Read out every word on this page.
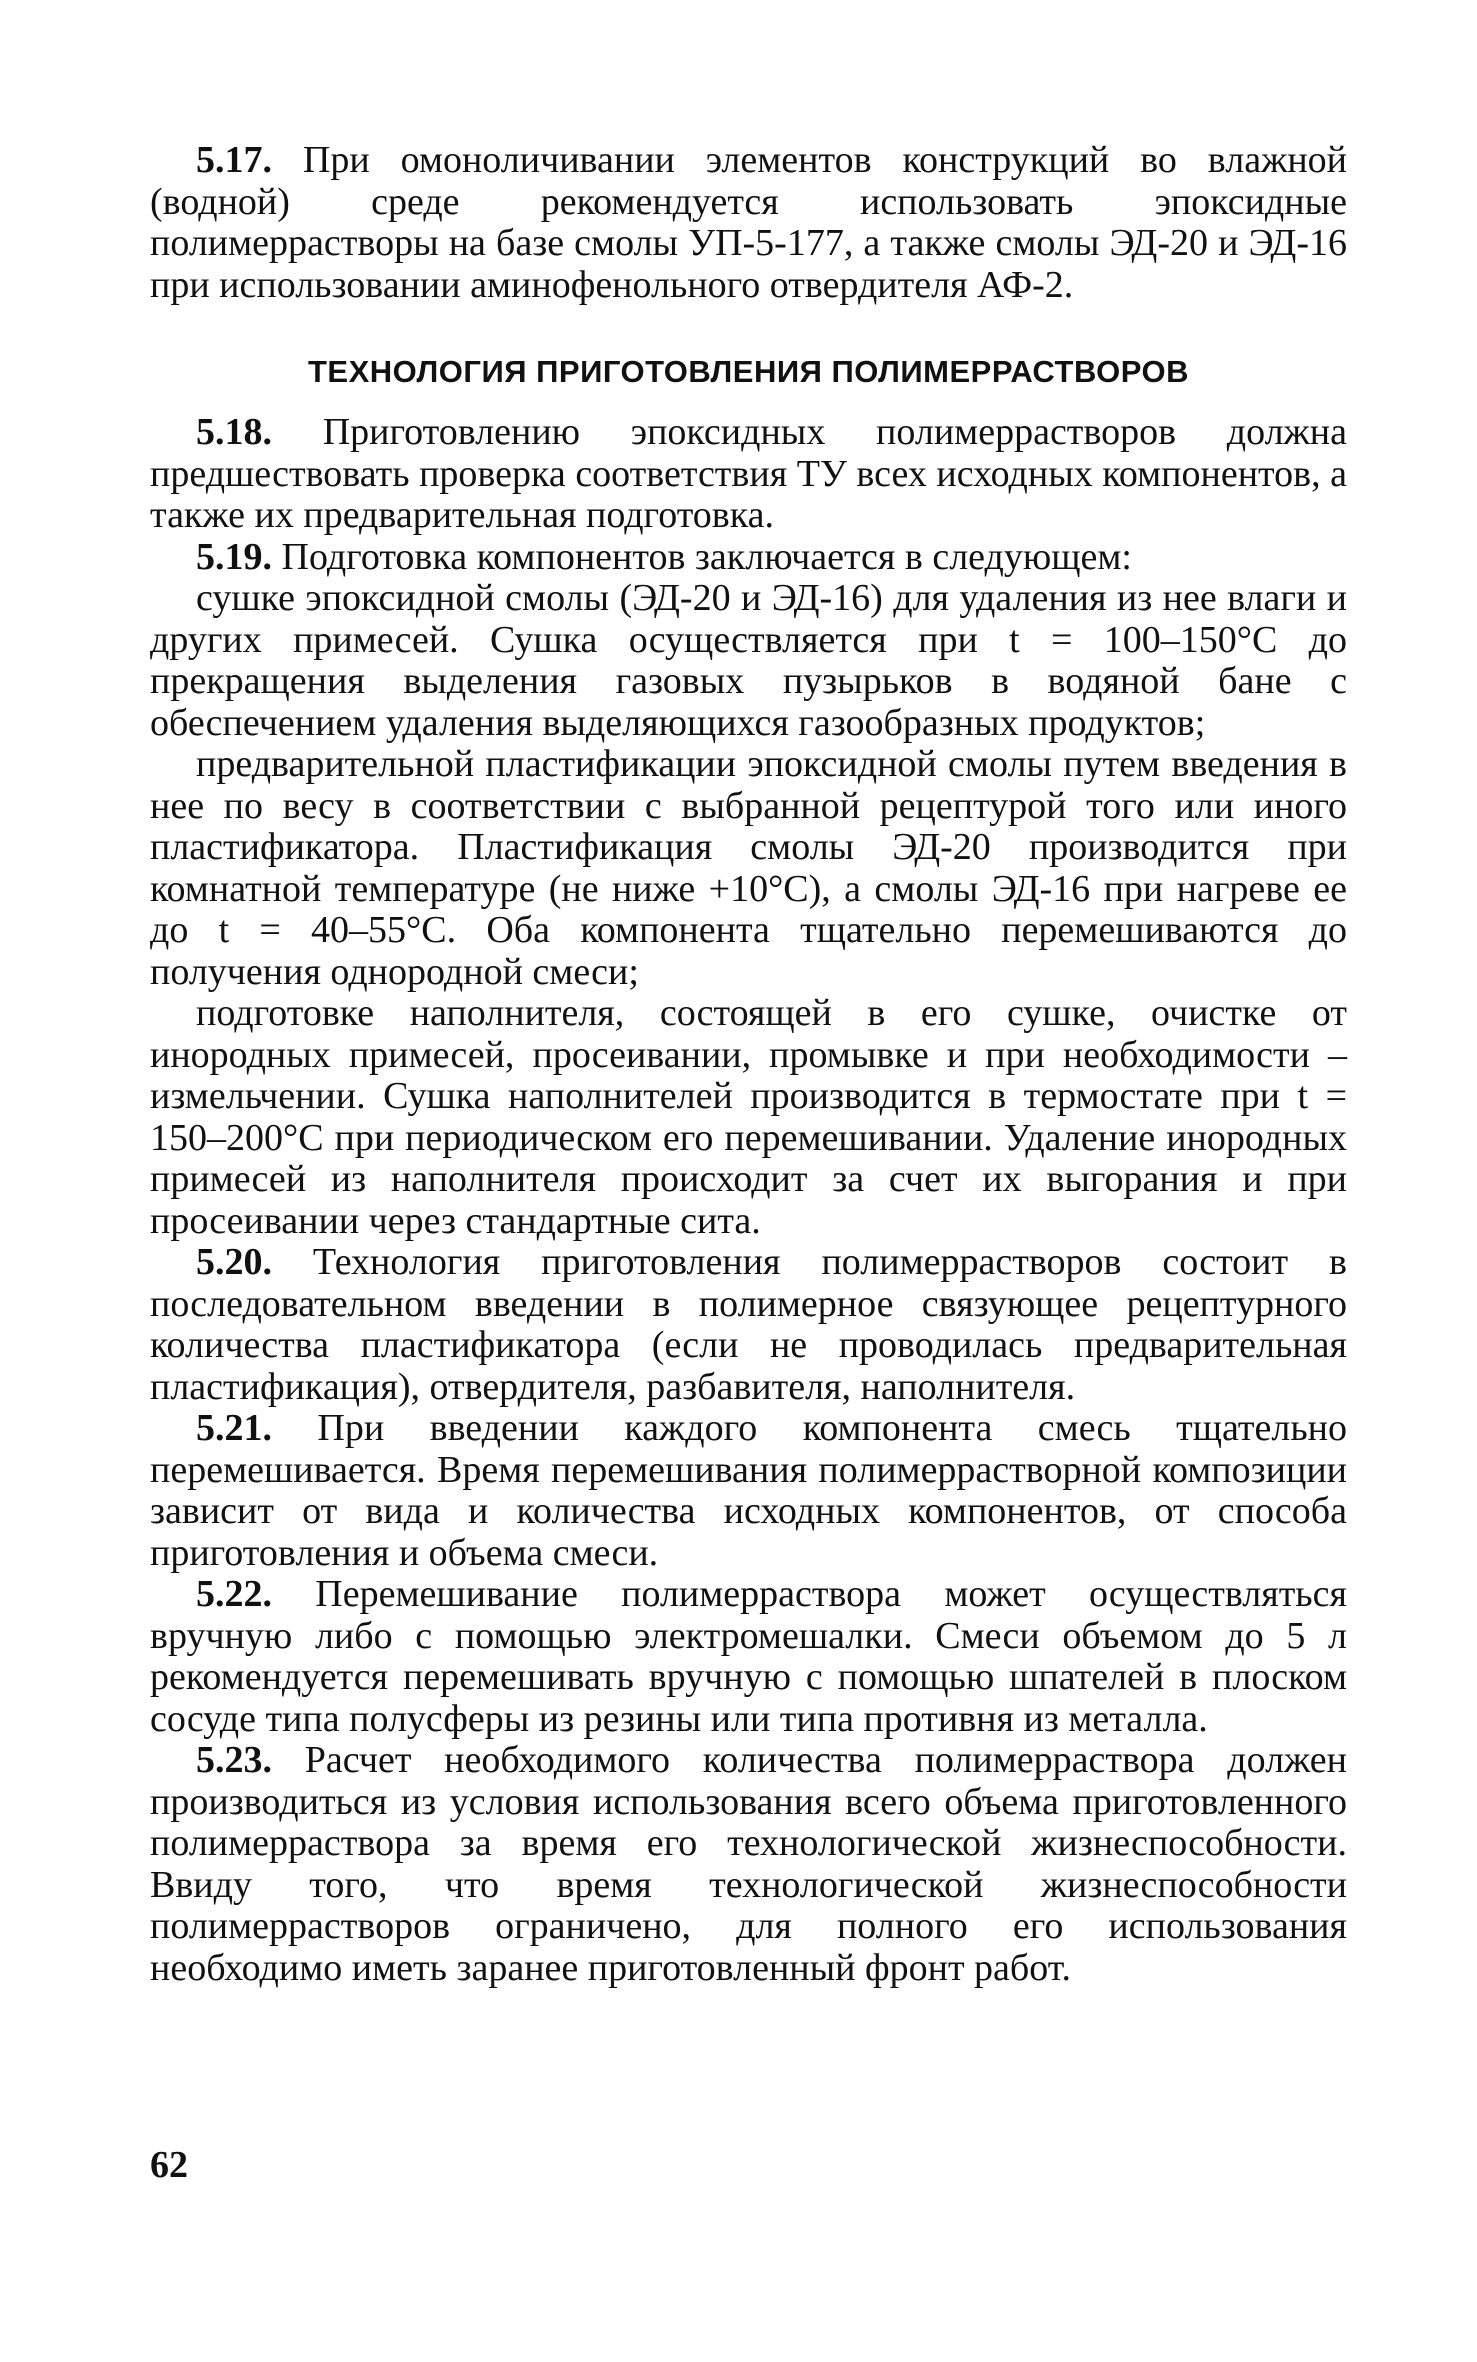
5.17. При омоноличивании элементов конструкций во влажной (водной) среде рекомендуется использовать эпоксидные полимеррастворы на базе смолы УП-5-177, а также смолы ЭД-20 и ЭД-16 при использовании аминофенольного отвердителя АФ-2.

ТЕХНОЛОГИЯ ПРИГОТОВЛЕНИЯ ПОЛИМЕРРАСТВОРОВ

5.18. Приготовлению эпоксидных полимеррастворов должна предшествовать проверка соответствия ТУ всех исходных компонентов, а также их предварительная подготовка.

5.19. Подготовка компонентов заключается в следующем:

сушке эпоксидной смолы (ЭД-20 и ЭД-16) для удаления из нее влаги и других примесей. Сушка осуществляется при t = 100–150°С до прекращения выделения газовых пузырьков в водяной бане с обеспечением удаления выделяющихся газообразных продуктов;

предварительной пластификации эпоксидной смолы путем введения в нее по весу в соответствии с выбранной рецептурой того или иного пластификатора. Пластификация смолы ЭД-20 производится при комнатной температуре (не ниже +10°С), а смолы ЭД-16 при нагреве ее до t = 40–55°С. Оба компонента тщательно перемешиваются до получения однородной смеси;

подготовке наполнителя, состоящей в его сушке, очистке от инородных примесей, просеивании, промывке и при необходимости – измельчении. Сушка наполнителей производится в термостате при t = 150–200°С при периодическом его перемешивании. Удаление инородных примесей из наполнителя происходит за счет их выгорания и при просеивании через стандартные сита.

5.20. Технология приготовления полимеррастворов состоит в последовательном введении в полимерное связующее рецептурного количества пластификатора (если не проводилась предварительная пластификация), отвердителя, разбавителя, наполнителя.

5.21. При введении каждого компонента смесь тщательно перемешивается. Время перемешивания полимеррастворной композиции зависит от вида и количества исходных компонентов, от способа приготовления и объема смеси.

5.22. Перемешивание полимерраствора может осуществляться вручную либо с помощью электромешалки. Смеси объемом до 5 л рекомендуется перемешивать вручную с помощью шпателей в плоском сосуде типа полусферы из резины или типа противня из металла.

5.23. Расчет необходимого количества полимерраствора должен производиться из условия использования всего объема приготовленного полимерраствора за время его технологической жизнеспособности. Ввиду того, что время технологической жизнеспособности полимеррастворов ограничено, для полного его использования необходимо иметь заранее приготовленный фронт работ.

62
